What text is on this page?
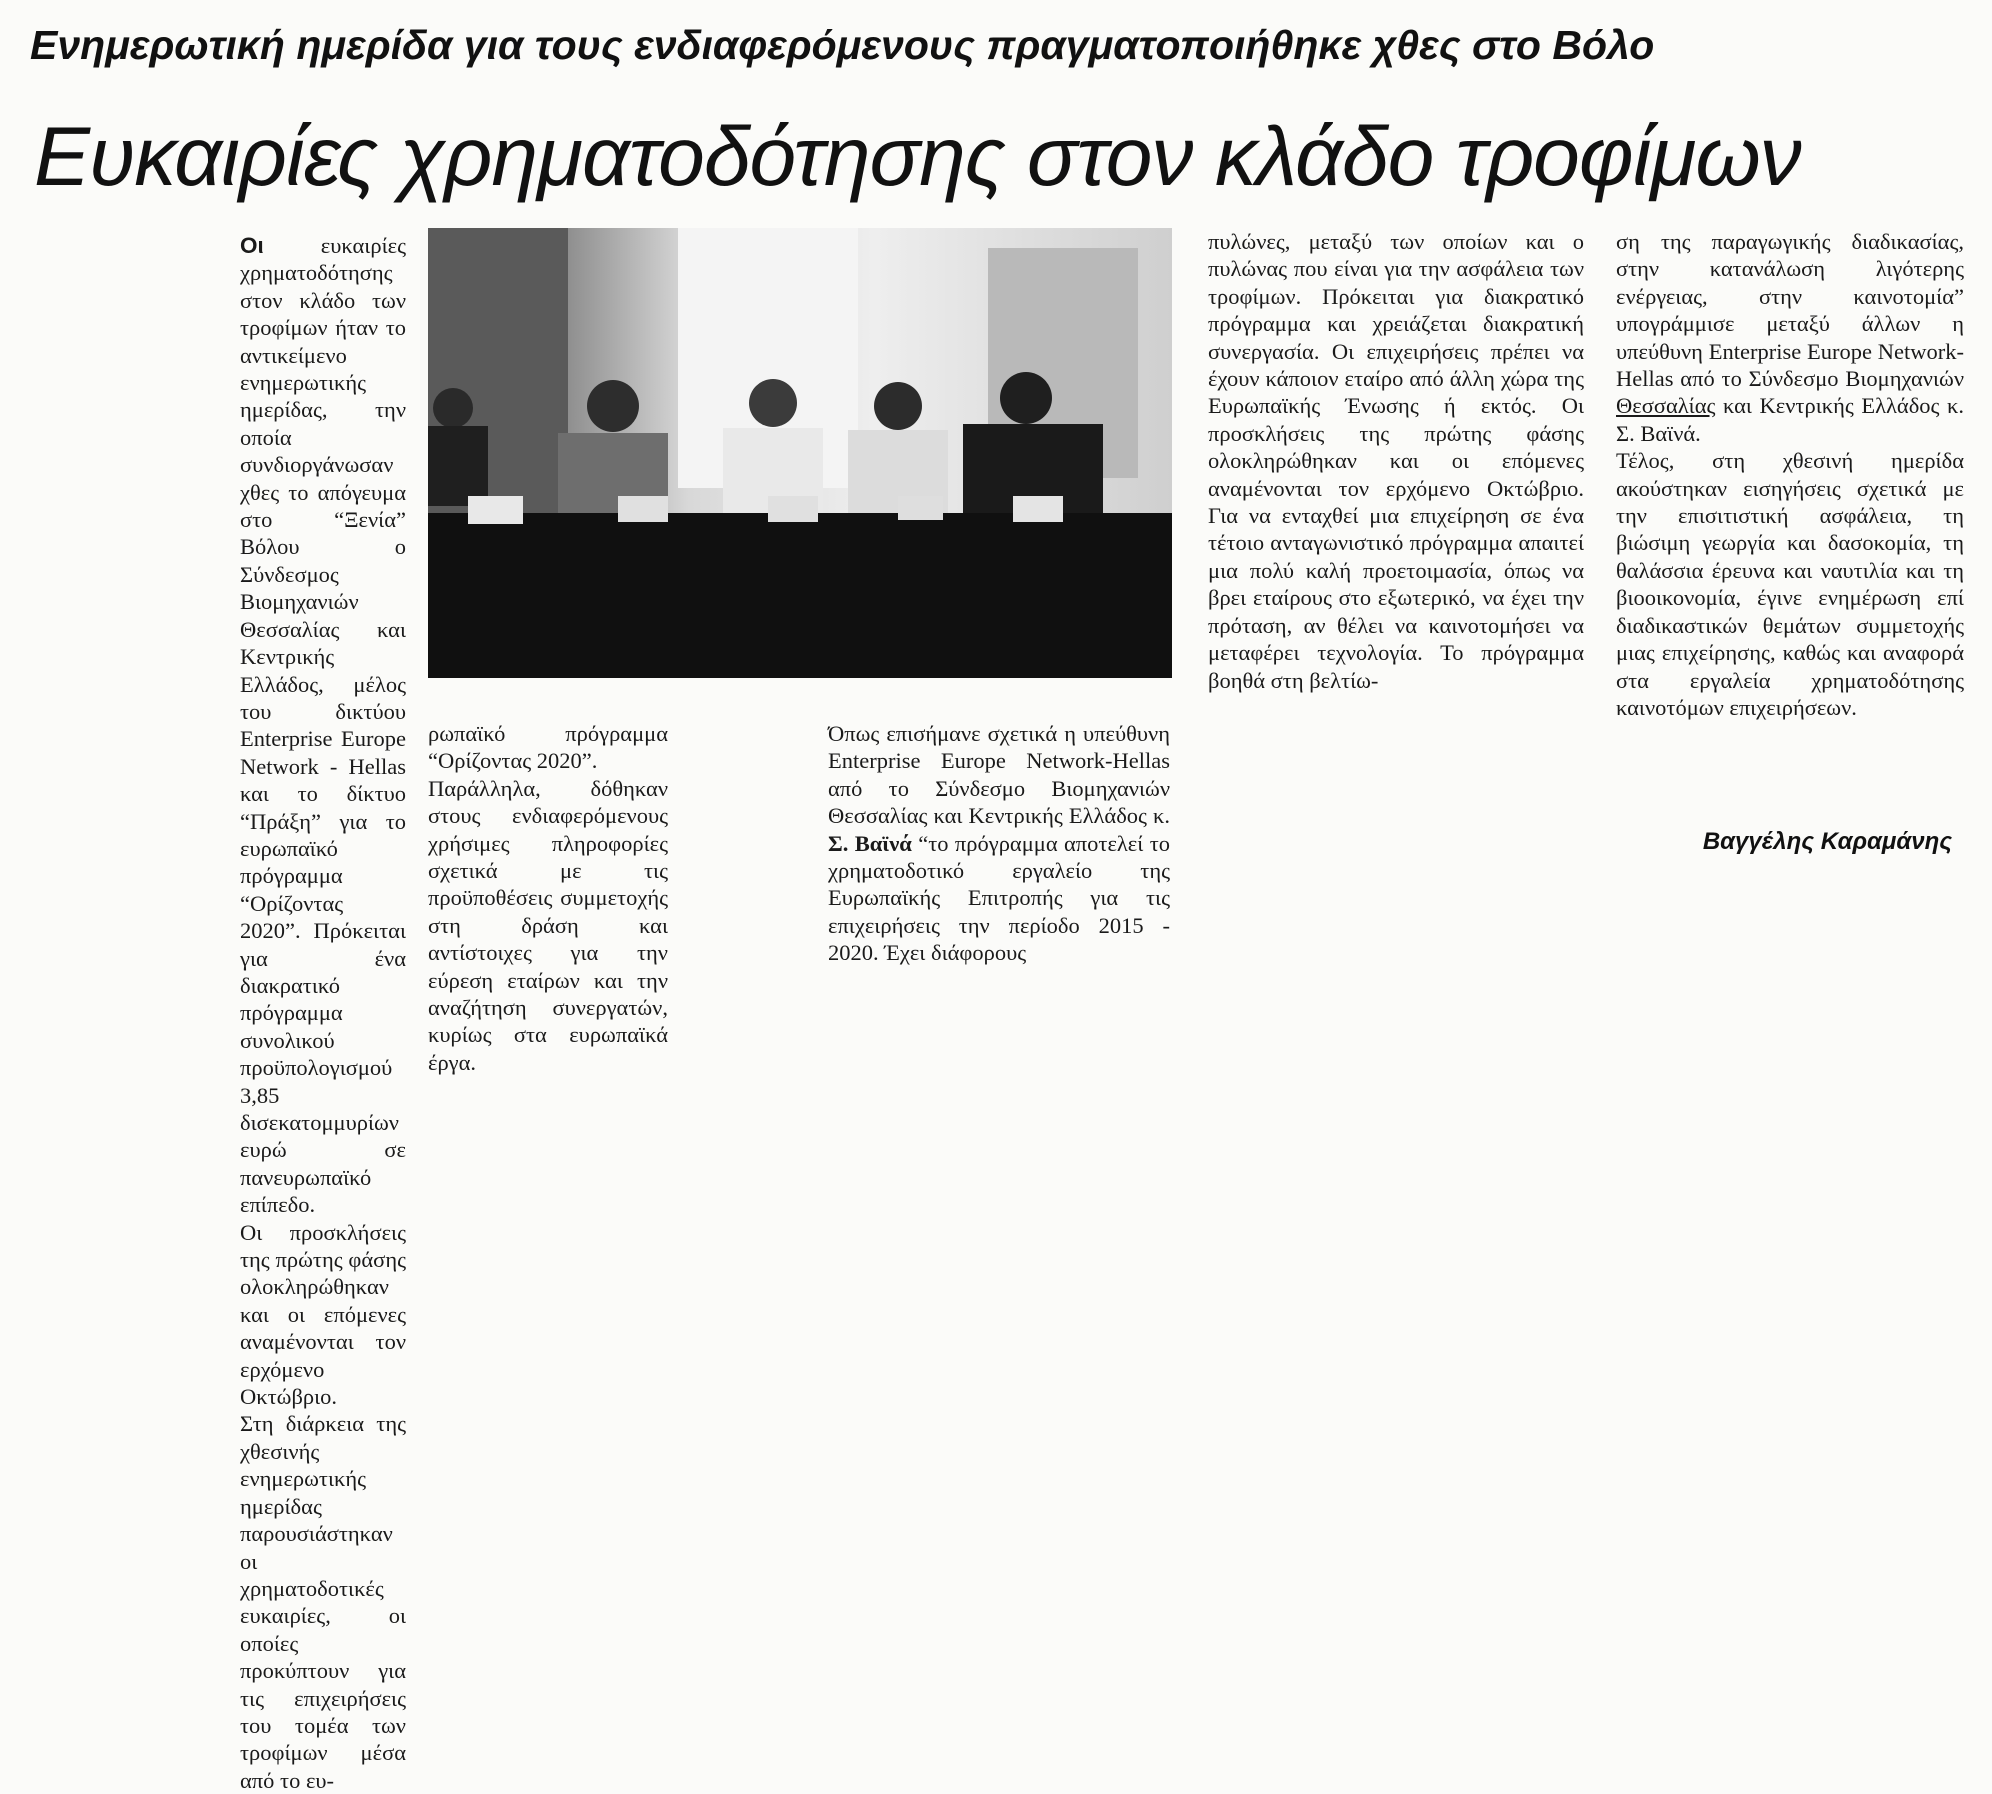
Ενημερωτική ημερίδα για τους ενδιαφερόμενους πραγματοποιήθηκε χθες στο Βόλο
Ευκαιρίες χρηματοδότησης στον κλάδο τροφίμων

Οι ευκαιρίες χρηματοδότησης στον κλάδο των τροφίμων ήταν το αντικείμενο ενημερωτικής ημερίδας, την οποία συνδιοργάνωσαν χθες το απόγευμα στο “Ξενία” Βόλου ο Σύνδεσμος Βιομηχανιών Θεσσαλίας και Κεντρικής Ελλάδος, μέλος του δικτύου Enterprise Europe Network - Hellas και το δίκτυο “Πράξη” για το ευρωπαϊκό πρόγραμμα “Ορίζοντας 2020”. Πρόκειται για ένα διακρατικό πρόγραμμα συνολικού προϋπολογισμού 3,85 δισεκατομμυρίων ευρώ σε πανευρωπαϊκό επίπεδο.

Οι προσκλήσεις της πρώτης φάσης ολοκληρώθηκαν και οι επόμενες αναμένονται τον ερχόμενο Οκτώβριο.

Στη διάρκεια της χθεσινής ενημερωτικής ημερίδας παρουσιάστηκαν οι χρηματοδοτικές ευκαιρίες, οι οποίες προκύπτουν για τις επιχειρήσεις του τομέα των τροφίμων μέσα από το ευ-

ρωπαϊκό πρόγραμμα “Ορίζοντας 2020”.

Παράλληλα, δόθηκαν στους ενδιαφερόμενους χρήσιμες πληροφορίες σχετικά με τις προϋποθέσεις συμμετοχής στη δράση και αντίστοιχες για την εύρεση εταίρων και την αναζήτηση συνεργατών, κυρίως στα ευρωπαϊκά έργα.

Όπως επισήμανε σχετικά η υπεύθυνη Enterprise Europe Network-Hellas από το Σύνδεσμο Βιομηχανιών Θεσσαλίας και Κεντρικής Ελλάδος κ. Σ. Βαϊνά “το πρόγραμμα αποτελεί το χρηματοδοτικό εργαλείο της Ευρωπαϊκής Επιτροπής για τις επιχειρήσεις την περίοδο 2015 - 2020. Έχει διάφορους

πυλώνες, μεταξύ των οποίων και ο πυλώνας που είναι για την ασφάλεια των τροφίμων. Πρόκειται για διακρατικό πρόγραμμα και χρειάζεται διακρατική συνεργασία. Οι επιχειρήσεις πρέπει να έχουν κάποιον εταίρο από άλλη χώρα της Ευρωπαϊκής Ένωσης ή εκτός. Οι προσκλήσεις της πρώτης φάσης ολοκληρώθηκαν και οι επόμενες αναμένονται τον ερχόμενο Οκτώβριο. Για να ενταχθεί μια επιχείρηση σε ένα τέτοιο ανταγωνιστικό πρόγραμμα απαιτεί μια πολύ καλή προετοιμασία, όπως να βρει εταίρους στο εξωτερικό, να έχει την πρόταση, αν θέλει να καινοτομήσει να μεταφέρει τεχνολογία. Το πρόγραμμα βοηθά στη βελτίω-

ση της παραγωγικής διαδικασίας, στην κατανάλωση λιγότερης ενέργειας, στην καινοτομία” υπογράμμισε μεταξύ άλλων η υπεύθυνη Enterprise Europe Network-Hellas από το Σύνδεσμο Βιομηχανιών Θεσσαλίας και Κεντρικής Ελλάδος κ. Σ. Βαϊνά.

Τέλος, στη χθεσινή ημερίδα ακούστηκαν εισηγήσεις σχετικά με την επισιτιστική ασφάλεια, τη βιώσιμη γεωργία και δασοκομία, τη θαλάσσια έρευνα και ναυτιλία και τη βιοοικονομία, έγινε ενημέρωση επί διαδικαστικών θεμάτων συμμετοχής μιας επιχείρησης, καθώς και αναφορά στα εργαλεία χρηματοδότησης καινοτόμων επιχειρήσεων.

Βαγγέλης Καραμάνης
